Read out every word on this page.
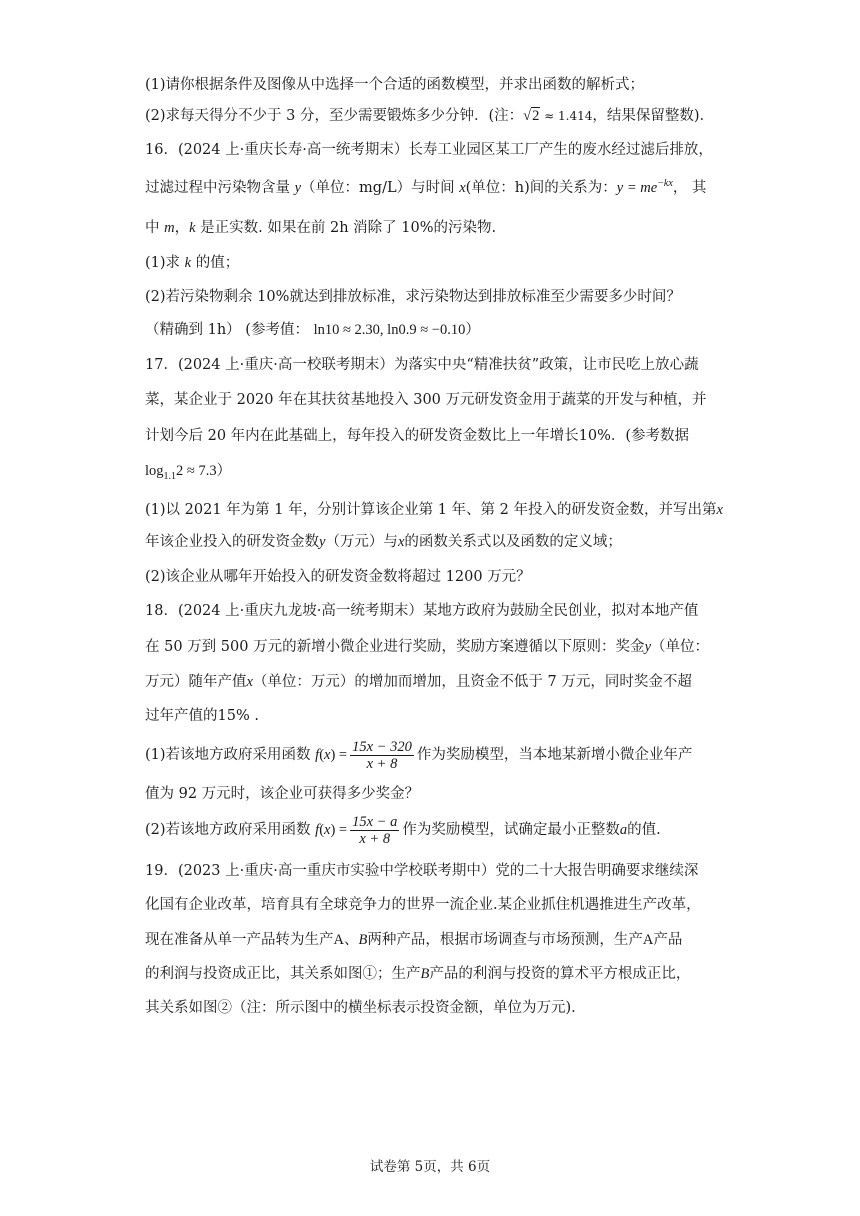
(1)请你根据条件及图像从中选择一个合适的函数模型，并求出函数的解析式；
(2)求每天得分不少于 3 分，至少需要锻炼多少分钟．(注：√2 ≈ 1.414，结果保留整数)．
16．(2024 上·重庆长寿·高一统考期末）长寿工业园区某工厂产生的废水经过滤后排放，
过滤过程中污染物含量 y（单位：mg/L）与时间 x(单位：h)间的关系为：$y = me^{-kx}$， 其
中 m，k 是正实数. 如果在前 2h 消除了 10%的污染物.
(1)求 k 的值；
(2)若污染物剩余 10%就达到排放标准，求污染物达到排放标准至少需要多少时间？
（精确到 1h） (参考值： ln10 ≈ 2.30, ln0.9 ≈ −0.10）
17．(2024 上·重庆·高一校联考期末）为落实中央“精准扶贫”政策，让市民吃上放心蔬
菜，某企业于 2020 年在其扶贫基地投入 300 万元研发资金用于蔬菜的开发与种植，并
计划今后 20 年内在此基础上，每年投入的研发资金数比上一年增长10%．(参考数据
$\log_{1.1}2 \approx 7.3$）
(1)以 2021 年为第 1 年，分别计算该企业第 1 年、第 2 年投入的研发资金数，并写出第x
年该企业投入的研发资金数y（万元）与x的函数关系式以及函数的定义域；
(2)该企业从哪年开始投入的研发资金数将超过 1200 万元？
18．(2024 上·重庆九龙坡·高一统考期末）某地方政府为鼓励全民创业，拟对本地产值
在 50 万到 500 万元的新增小微企业进行奖励，奖励方案遵循以下原则：奖金y（单位：
万元）随年产值x（单位：万元）的增加而增加，且资金不低于 7 万元，同时奖金不超
过年产值的15% .
(1)若该地方政府采用函数 $f(x) = \frac{15x - 320}{x + 8}$ 作为奖励模型，当本地某新增小微企业年产
值为 92 万元时，该企业可获得多少奖金？
(2)若该地方政府采用函数 $f(x) = \frac{15x - a}{x + 8}$ 作为奖励模型，试确定最小正整数a的值.
19．(2023 上·重庆·高一重庆市实验中学校联考期中）党的二十大报告明确要求继续深
化国有企业改革，培育具有全球竞争力的世界一流企业.某企业抓住机遇推进生产改革，
现在准备从单一产品转为生产A、B两种产品，根据市场调查与市场预测，生产A产品
的利润与投资成正比，其关系如图①；生产B产品的利润与投资的算术平方根成正比，
其关系如图②（注：所示图中的横坐标表示投资金额，单位为万元).
试卷第 5页，共 6页
